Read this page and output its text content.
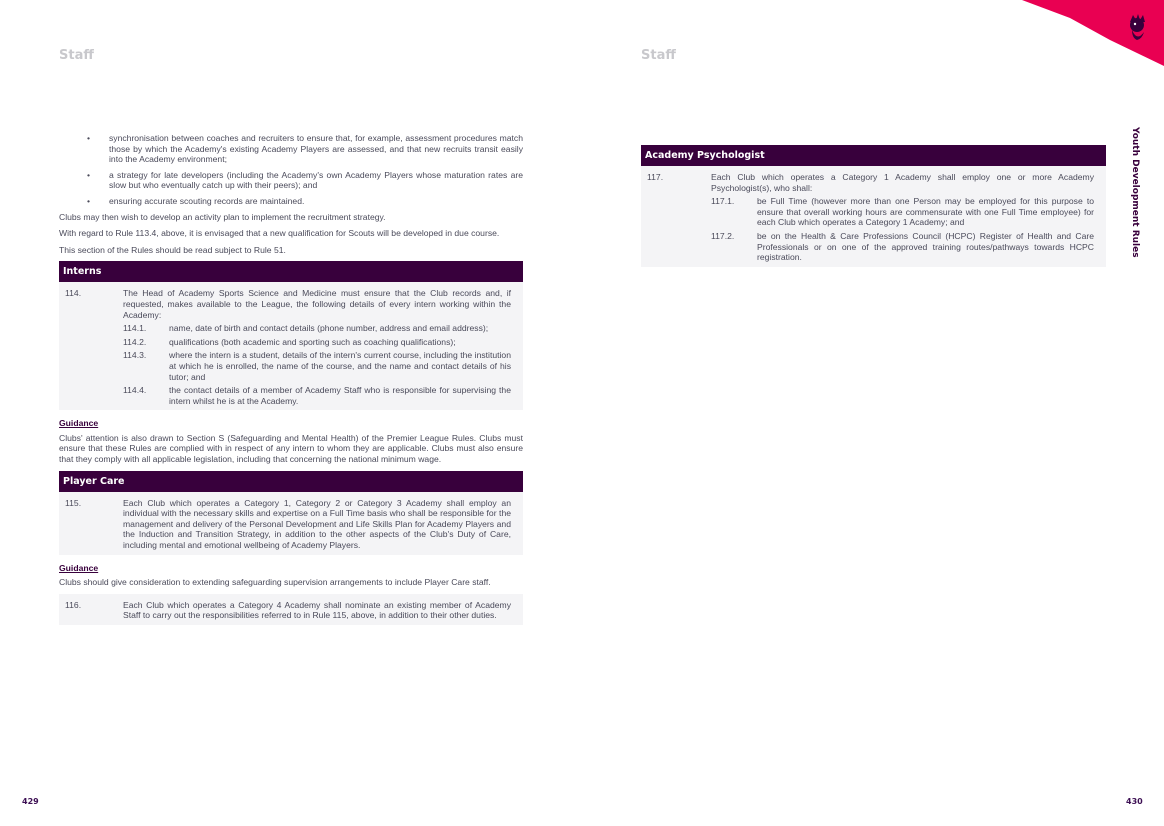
Staff	Staff
Youth Development Rules
• synchronisation between coaches and recruiters to ensure that, for example, assessment procedures match those by which the Academy's existing Academy Players are assessed, and that new recruits transit easily into the Academy environment;
• a strategy for late developers (including the Academy's own Academy Players whose maturation rates are slow but who eventually catch up with their peers); and
• ensuring accurate scouting records are maintained.

Clubs may then wish to develop an activity plan to implement the recruitment strategy.

With regard to Rule 113.4, above, it is envisaged that a new qualification for Scouts will be developed in due course.

This section of the Rules should be read subject to Rule 51.

Interns
114.	The Head of Academy Sports Science and Medicine must ensure that the Club records and, if requested, makes available to the League, the following details of every intern working within the Academy:
114.1.	name, date of birth and contact details (phone number, address and email address);
114.2.	qualifications (both academic and sporting such as coaching qualifications);
114.3.	where the intern is a student, details of the intern's current course, including the institution at which he is enrolled, the name of the course, and the name and contact details of his tutor; and
114.4.	the contact details of a member of Academy Staff who is responsible for supervising the intern whilst he is at the Academy.
Guidance

Clubs' attention is also drawn to Section S (Safeguarding and Mental Health) of the Premier League Rules. Clubs must ensure that these Rules are complied with in respect of any intern to whom they are applicable. Clubs must also ensure that they comply with all applicable legislation, including that concerning the national minimum wage.

Player Care
115.	Each Club which operates a Category 1, Category 2 or Category 3 Academy shall employ an individual with the necessary skills and expertise on a Full Time basis who shall be responsible for the management and delivery of the Personal Development and Life Skills Plan for Academy Players and the Induction and Transition Strategy, in addition to the other aspects of the Club's Duty of Care, including mental and emotional wellbeing of Academy Players.
Guidance

Clubs should give consideration to extending safeguarding supervision arrangements to include Player Care staff.

116.	Each Club which operates a Category 4 Academy shall nominate an existing member of Academy Staff to carry out the responsibilities referred to in Rule 115, above, in addition to their other duties.
Academy Psychologist
117.	Each Club which operates a Category 1 Academy shall employ one or more Academy Psychologist(s), who shall:
117.1.	be Full Time (however more than one Person may be employed for this purpose to ensure that overall working hours are commensurate with one Full Time employee) for each Club which operates a Category 1 Academy; and
117.2.	be on the Health & Care Professions Council (HCPC) Register of Health and Care Professionals or on one of the approved training routes/pathways towards HCPC registration.
429	430
